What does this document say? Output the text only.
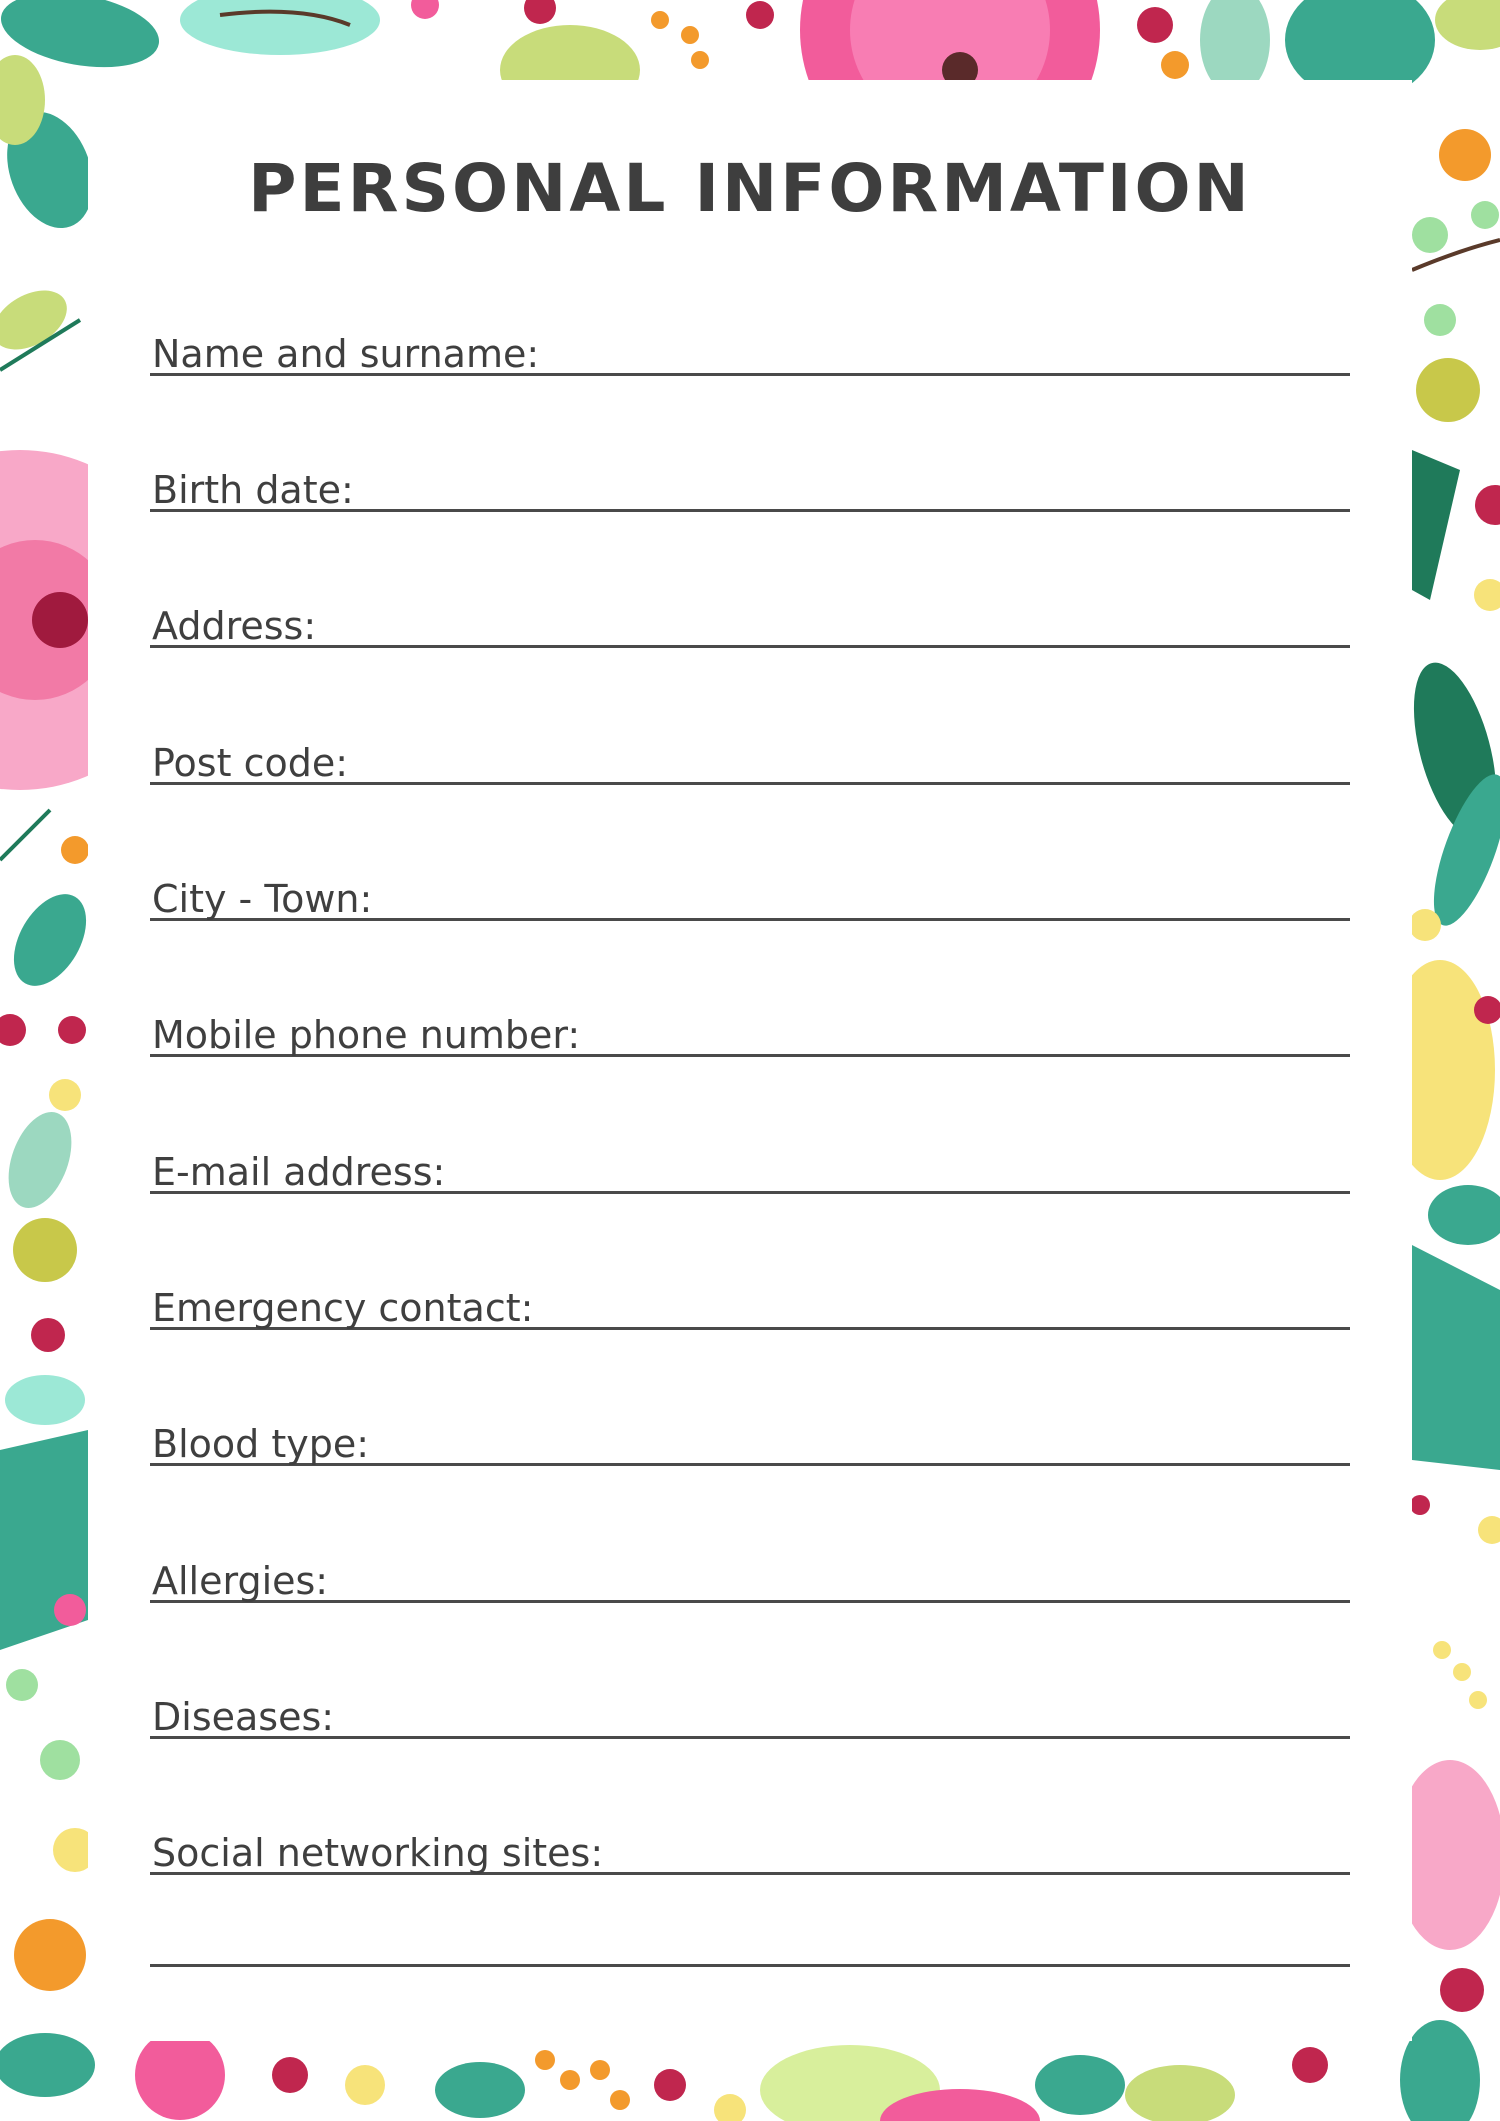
PERSONAL INFORMATION
Name and surname:
Birth date:
Address:
Post code:
City - Town:
Mobile phone number:
E-mail address:
Emergency contact:
Blood type:
Allergies:
Diseases:
Social networking sites:
